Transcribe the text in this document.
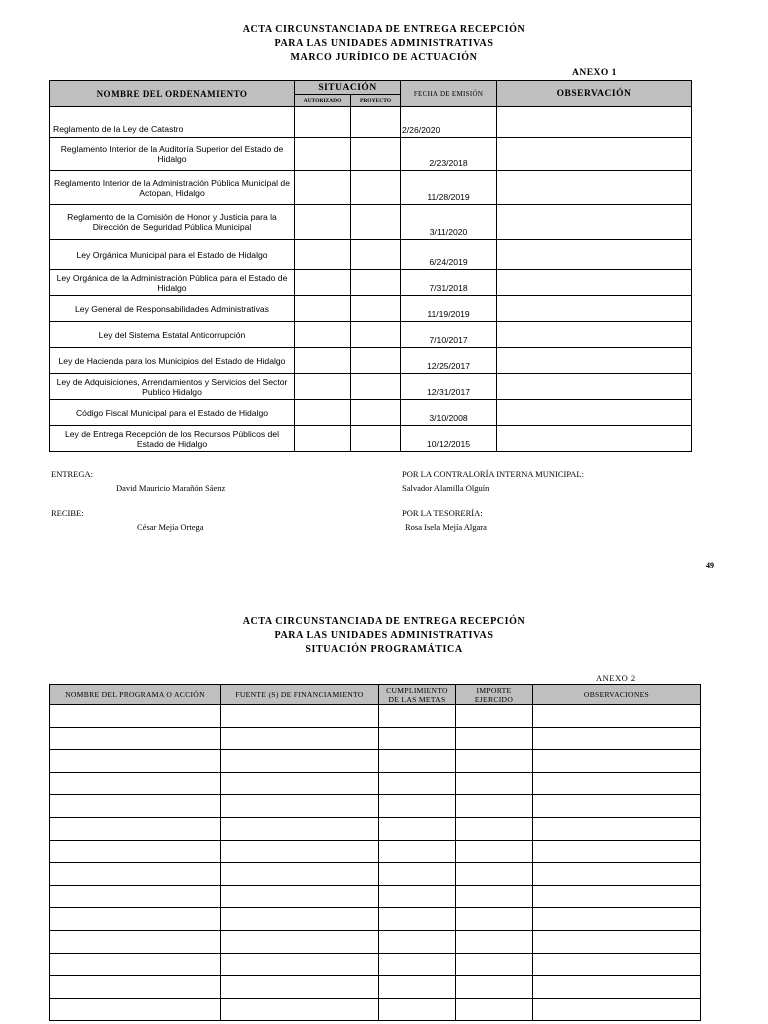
ACTA CIRCUNSTANCIADA DE ENTREGA RECEPCIÓN
PARA LAS UNIDADES ADMINISTRATIVAS
MARCO JURÍDICO DE ACTUACIÓN
ANEXO 1
NOMBRE DEL ORDENAMIENTO	SITUACIÓN		FECHA DE EMISIÓN	OBSERVACIÓN
	AUTORIZADO	PROYECTO		
Reglamento de la Ley de Catastro			2/26/2020	
Reglamento Interior de la Auditoría Superior del Estado de Hidalgo			2/23/2018	
Reglamento Interior de la Administración Pública Municipal de Actopan, Hidalgo			11/28/2019	
Reglamento de la Comisión de Honor y Justicia para la Dirección de Seguridad Pública Municipal			3/11/2020	
Ley Orgánica Municipal para el Estado de Hidalgo			6/24/2019	
Ley Orgánica de la Administración Pública para el Estado de Hidalgo			7/31/2018	
Ley General de Responsabilidades Administrativas			11/19/2019	
Ley del Sistema Estatal Anticorrupción			7/10/2017	
Ley de Hacienda para los Municipios del Estado de Hidalgo			12/25/2017	
Ley de Adquisiciones, Arrendamientos y Servicios del Sector Publico Hidalgo			12/31/2017	
Código Fiscal Municipal para el Estado de Hidalgo			3/10/2008	
Ley de Entrega Recepción de los Recursos Públicos del Estado de Hidalgo			10/12/2015	
ENTREGA:
David Mauricio Marañón Sáenz
POR LA CONTRALORÍA INTERNA MUNICIPAL:
Salvador Alamilla Olguín
RECIBE:
César Mejía Ortega
POR LA TESORERÍA:
Rosa Isela Mejía Algara
49
ACTA CIRCUNSTANCIADA DE ENTREGA RECEPCIÓN
PARA LAS UNIDADES ADMINISTRATIVAS
SITUACIÓN PROGRAMÁTICA
ANEXO 2
NOMBRE DEL PROGRAMA O ACCIÓN	FUENTE (S) DE FINANCIAMIENTO	CUMPLIMIENTO DE LAS METAS	IMPORTE EJERCIDO	OBSERVACIONES
